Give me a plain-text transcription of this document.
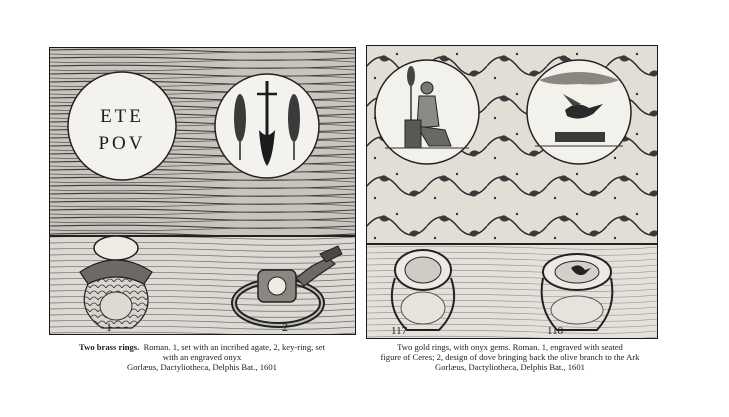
ETE
POV
1	2	117	118
Two brass rings. Roman. 1, set with an incribed agate, 2, key-ring, set
with an engraved onyx
Gorlæus, Dactyliotheca, Delphis Bat., 1601
Two gold rings, with onyx gems. Roman. 1, engraved with seated
figure of Ceres; 2, design of dove bringing back the olive branch to the Ark
Gorlæus, Dactyliotheca, Delphis Bat., 1601
